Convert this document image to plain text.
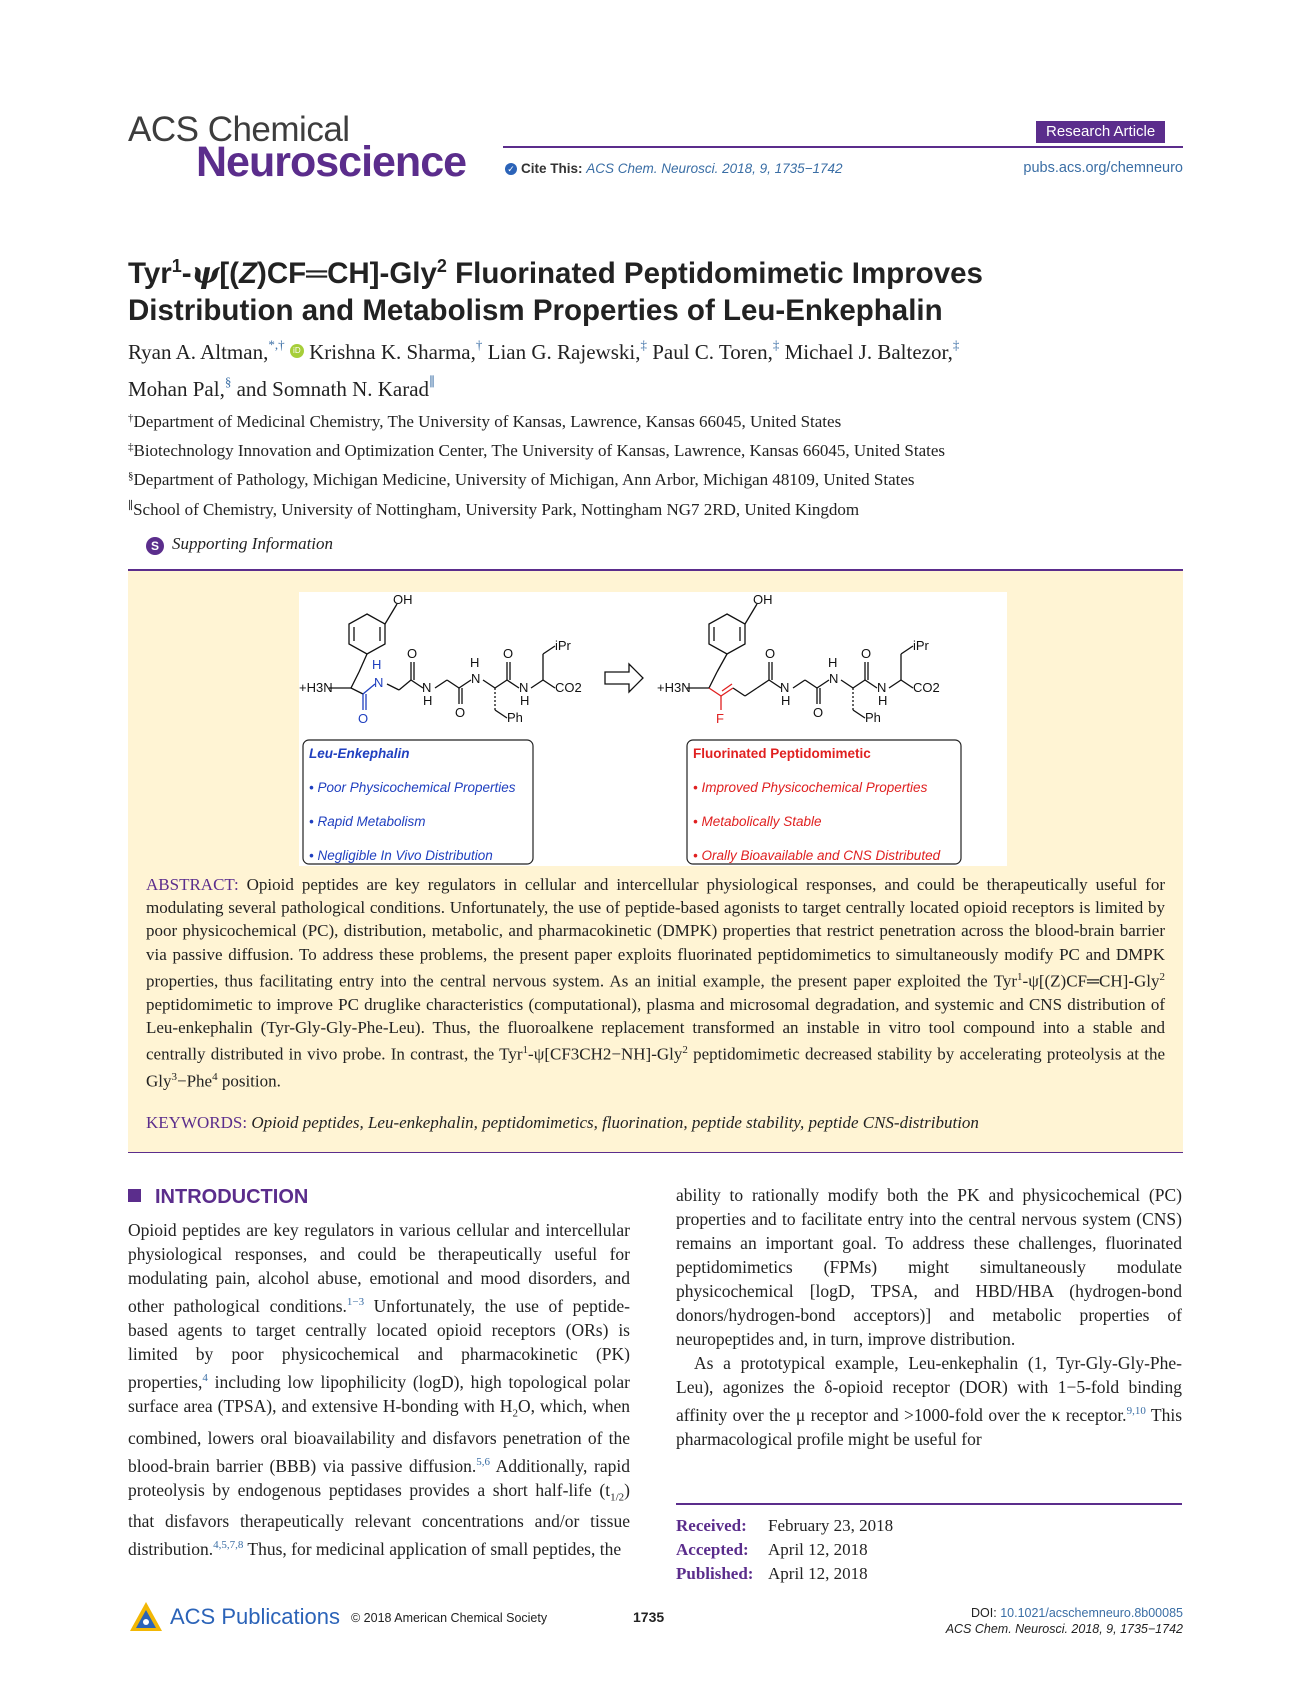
ACS Chemical
Neuroscience
Research Article
✓ Cite This: ACS Chem. Neurosci. 2018, 9, 1735−1742	pubs.acs.org/chemneuro
Tyr$^1$-ψ[(Z)CF═CH]-Gly$^2$ Fluorinated Peptidomimetic Improves
Distribution and Metabolism Properties of Leu-Enkephalin
Ryan A. Altman,*,† iD Krishna K. Sharma,† Lian G. Rajewski,‡ Paul C. Toren,‡ Michael J. Baltezor,‡
Mohan Pal,§ and Somnath N. Karad∥
†Department of Medicinal Chemistry, The University of Kansas, Lawrence, Kansas 66045, United States
‡Biotechnology Innovation and Optimization Center, The University of Kansas, Lawrence, Kansas 66045, United States
§Department of Pathology, Michigan Medicine, University of Michigan, Ann Arbor, Michigan 48109, United States
∥School of Chemistry, University of Nottingham, University Park, Nottingham NG7 2RD, United Kingdom
S Supporting Information
OH
+H3N
H
N
O
O
N
H
O
H
N
O
N
H
CO2
iPr
Ph
OH
+H3N
F
O
N
H
O
H
N
O
N
H
CO2
iPr
Ph
Leu-Enkephalin
• Poor Physicochemical Properties
• Rapid Metabolism
• Negligible In Vivo Distribution
Fluorinated Peptidomimetic
• Improved Physicochemical Properties
• Metabolically Stable
• Orally Bioavailable and CNS Distributed
ABSTRACT: Opioid peptides are key regulators in cellular and intercellular physiological responses, and could be therapeutically useful for modulating several pathological conditions. Unfortunately, the use of peptide-based agonists to target centrally located opioid receptors is limited by poor physicochemical (PC), distribution, metabolic, and pharmacokinetic (DMPK) properties that restrict penetration across the blood-brain barrier via passive diffusion. To address these problems, the present paper exploits fluorinated peptidomimetics to simultaneously modify PC and DMPK properties, thus facilitating entry into the central nervous system. As an initial example, the present paper exploited the Tyr$^1$-ψ[(Z)CF═CH]-Gly$^2$ peptidomimetic to improve PC druglike characteristics (computational), plasma and microsomal degradation, and systemic and CNS distribution of Leu-enkephalin (Tyr-Gly-Gly-Phe-Leu). Thus, the fluoroalkene replacement transformed an instable in vitro tool compound into a stable and centrally distributed in vivo probe. In contrast, the Tyr$^1$-ψ[CF3CH2−NH]-Gly$^2$ peptidomimetic decreased stability by accelerating proteolysis at the Gly$^3$−Phe$^4$ position.
KEYWORDS: Opioid peptides, Leu-enkephalin, peptidomimetics, fluorination, peptide stability, peptide CNS-distribution
INTRODUCTION
Opioid peptides are key regulators in various cellular and intercellular physiological responses, and could be therapeutically useful for modulating pain, alcohol abuse, emotional and mood disorders, and other pathological conditions.$^{1-3}$ Unfortunately, the use of peptide-based agents to target centrally located opioid receptors (ORs) is limited by poor physicochemical and pharmacokinetic (PK) properties,$^4$ including low lipophilicity (logD), high topological polar surface area (TPSA), and extensive H-bonding with $H_2O$, which, when combined, lowers oral bioavailability and disfavors penetration of the blood-brain barrier (BBB) via passive diffusion.$^{5,6}$ Additionally, rapid proteolysis by endogenous peptidases provides a short half-life $(t_{1/2})$ that disfavors therapeutically relevant concentrations and/or tissue distribution.$^{4,5,7,8}$ Thus, for medicinal application of small peptides, the

ability to rationally modify both the PK and physicochemical (PC) properties and to facilitate entry into the central nervous system (CNS) remains an important goal. To address these challenges, fluorinated peptidomimetics (FPMs) might simultaneously modulate physicochemical [logD, TPSA, and HBD/HBA (hydrogen-bond donors/hydrogen-bond acceptors)] and metabolic properties of neuropeptides and, in turn, improve distribution.

As a prototypical example, Leu-enkephalin (1, Tyr-Gly-Gly-Phe-Leu), agonizes the δ-opioid receptor (DOR) with 1−5-fold binding affinity over the μ receptor and >1000-fold over the κ receptor.$^{9,10}$ This pharmacological profile might be useful for

Received: February 23, 2018
Accepted: April 12, 2018
Published: April 12, 2018
ACS Publications © 2018 American Chemical Society	1735	DOI: 10.1021/acschemneuro.8b00085
ACS Chem. Neurosci. 2018, 9, 1735−1742
